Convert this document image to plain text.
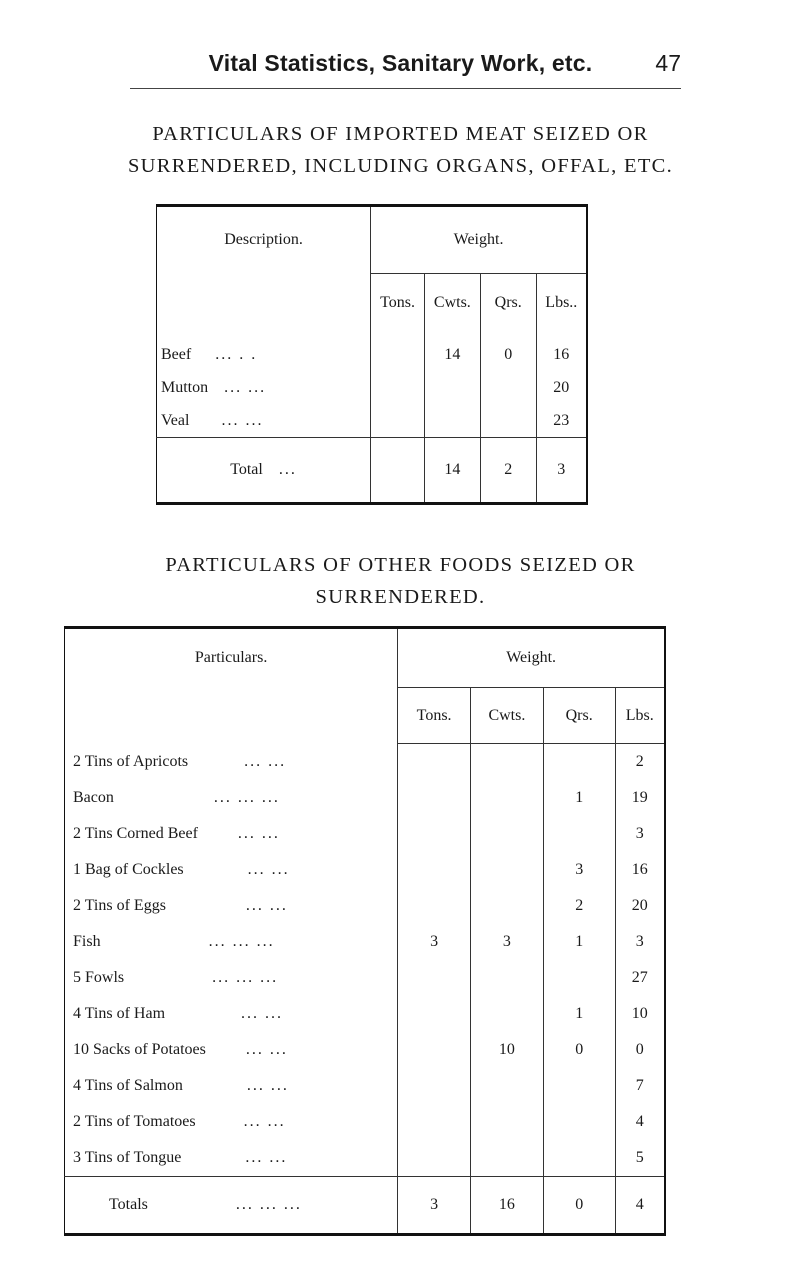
Vital Statistics, Sanitary Work, etc.	47
PARTICULARS OF IMPORTED MEAT SEIZED OR
SURRENDERED, INCLUDING ORGANS, OFFAL, ETC.
Description.	Weight.			
	Tons.	Cwts.	Qrs.	Lbs..
Beef ... . .		14	0	16
Mutton ... ...				20
Veal ... ...				23
Total ...		14	2	3
PARTICULARS OF OTHER FOODS SEIZED OR
SURRENDERED.
Particulars.	Weight.			
	Tons.	Cwts.	Qrs.	Lbs.
2 Tins of Apricots ... ...				2
Bacon ... ... ...			1	19
2 Tins Corned Beef ... ...				3
1 Bag of Cockles ... ...			3	16
2 Tins of Eggs ... ...			2	20
Fish ... ... ...	3	3	1	3
5 Fowls ... ... ...				27
4 Tins of Ham ... ...			1	10
10 Sacks of Potatoes ... ...		10	0	0
4 Tins of Salmon ... ...				7
2 Tins of Tomatoes ... ...				4
3 Tins of Tongue ... ...				5
Totals ... ... ...	3	16	0	4
